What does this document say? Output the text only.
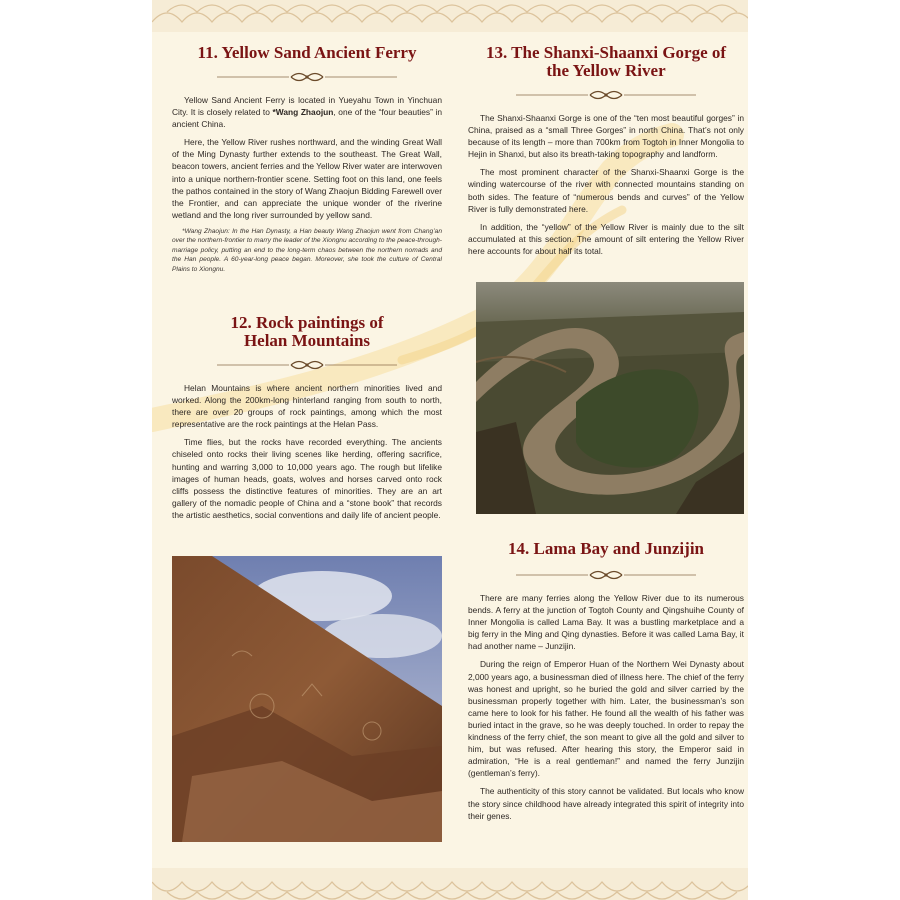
11. Yellow Sand Ancient Ferry

Yellow Sand Ancient Ferry is located in Yueyahu Town in Yinchuan City. It is closely related to *Wang Zhaojun, one of the “four beauties” in ancient China.

Here, the Yellow River rushes northward, and the winding Great Wall of the Ming Dynasty further extends to the southeast. The Great Wall, beacon towers, ancient ferries and the Yellow River water are interwoven into a unique northern-frontier scene. Setting foot on this land, one feels the pathos contained in the story of Wang Zhaojun Bidding Farewell over the Frontier, and can appreciate the unique wonder of the riverine wetland and the long river surrounded by yellow sand.

*Wang Zhaojun: In the Han Dynasty, a Han beauty Wang Zhaojun went from Chang’an over the northern-frontier to marry the leader of the Xiongnu according to the peace-through-marriage policy, putting an end to the long-term chaos between the northern nomads and the Han people. A 60-year-long peace began. Moreover, she took the culture of Central Plains to Xiongnu.

12. Rock paintings of
Helan Mountains

Helan Mountains is where ancient northern minorities lived and worked. Along the 200km-long hinterland ranging from south to north, there are over 20 groups of rock paintings, among which the most representative are the rock paintings at the Helan Pass.

Time flies, but the rocks have recorded everything. The ancients chiseled onto rocks their living scenes like herding, offering sacrifice, hunting and warring 3,000 to 10,000 years ago. The rough but lifelike images of human heads, goats, wolves and horses carved onto rock cliffs possess the distinctive features of minorities. They are an art gallery of the nomadic people of China and a “stone book” that records the artistic aesthetics, social conventions and daily life of ancient people.

13. The Shanxi-Shaanxi Gorge of
the Yellow River

The Shanxi-Shaanxi Gorge is one of the “ten most beautiful gorges” in China, praised as a “small Three Gorges” in north China. That’s not only because of its length – more than 700km from Togtoh in Inner Mongolia to Hejin in Shanxi, but also its breath-taking topography and landform.

The most prominent character of the Shanxi-Shaanxi Gorge is the winding watercourse of the river with connected mountains standing on both sides. The feature of “numerous bends and curves” of the Yellow River is fully demonstrated here.

In addition, the “yellow” of the Yellow River is mainly due to the silt accumulated at this section. The amount of silt entering the Yellow River here accounts for about half its total.

14. Lama Bay and Junzijin

There are many ferries along the Yellow River due to its numerous bends. A ferry at the junction of Togtoh County and Qingshuihe County of Inner Mongolia is called Lama Bay. It was a bustling marketplace and a big ferry in the Ming and Qing dynasties. Before it was called Lama Bay, it had another name – Junzijin.

During the reign of Emperor Huan of the Northern Wei Dynasty about 2,000 years ago, a businessman died of illness here. The chief of the ferry was honest and upright, so he buried the gold and silver carried by the businessman properly together with him. Later, the businessman’s son came here to look for his father. He found all the wealth of his father was buried intact in the grave, so he was deeply touched. In order to repay the kindness of the ferry chief, the son meant to give all the gold and silver to him, but was refused. After hearing this story, the Emperor said in admiration, “He is a real gentleman!” and named the ferry Junzijin (gentleman’s ferry).

The authenticity of this story cannot be validated. But locals who know the story since childhood have already integrated this spirit of integrity into their genes.
